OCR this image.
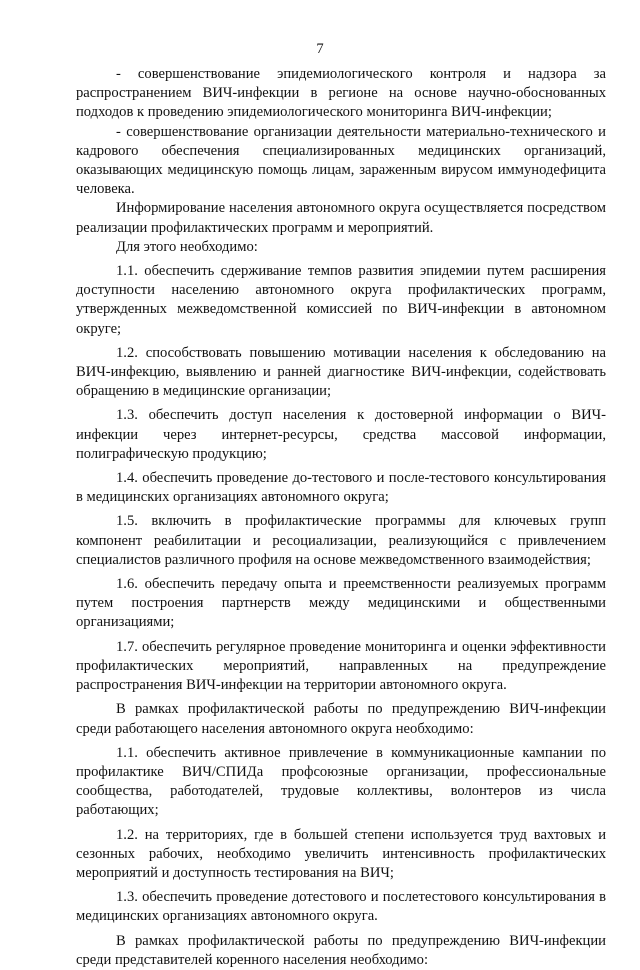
7

- совершенствование эпидемиологического контроля и надзора за распространением ВИЧ-инфекции в регионе на основе научно-обоснованных подходов к проведению эпидемиологического мониторинга ВИЧ-инфекции;

- совершенствование организации деятельности материально-технического и кадрового обеспечения специализированных медицинских организаций, оказывающих медицинскую помощь лицам, зараженным вирусом иммунодефицита человека.

Информирование населения автономного округа осуществляется посредством реализации профилактических программ и мероприятий.

Для этого необходимо:

1.1. обеспечить сдерживание темпов развития эпидемии путем расширения доступности населению автономного округа профилактических программ, утвержденных межведомственной комиссией по ВИЧ-инфекции в автономном округе;

1.2. способствовать повышению мотивации населения к обследованию на ВИЧ-инфекцию, выявлению и ранней диагностике ВИЧ-инфекции, содействовать обращению в медицинские организации;

1.3. обеспечить доступ населения к достоверной информации о ВИЧ-инфекции через интернет-ресурсы, средства массовой информации, полиграфическую продукцию;

1.4. обеспечить проведение до-тестового и после-тестового консультирования в медицинских организациях автономного округа;

1.5. включить в профилактические программы для ключевых групп компонент реабилитации и ресоциализации, реализующийся с привлечением специалистов различного профиля на основе межведомственного взаимодействия;

1.6. обеспечить передачу опыта и преемственности реализуемых программ путем построения партнерств между медицинскими и общественными организациями;

1.7. обеспечить регулярное проведение мониторинга и оценки эффективности профилактических мероприятий, направленных на предупреждение распространения ВИЧ-инфекции на территории автономного округа.

В рамках профилактической работы по предупреждению ВИЧ-инфекции среди работающего населения автономного округа необходимо:

1.1. обеспечить активное привлечение в коммуникационные кампании по профилактике ВИЧ/СПИДа профсоюзные организации, профессиональные сообщества, работодателей, трудовые коллективы, волонтеров из числа работающих;

1.2. на территориях, где в большей степени используется труд вахтовых и сезонных рабочих, необходимо увеличить интенсивность профилактических мероприятий и доступность тестирования на ВИЧ;

1.3. обеспечить проведение дотестового и послетестового консультирования в медицинских организациях автономного округа.

В рамках профилактической работы по предупреждению ВИЧ-инфекции среди представителей коренного населения необходимо:
